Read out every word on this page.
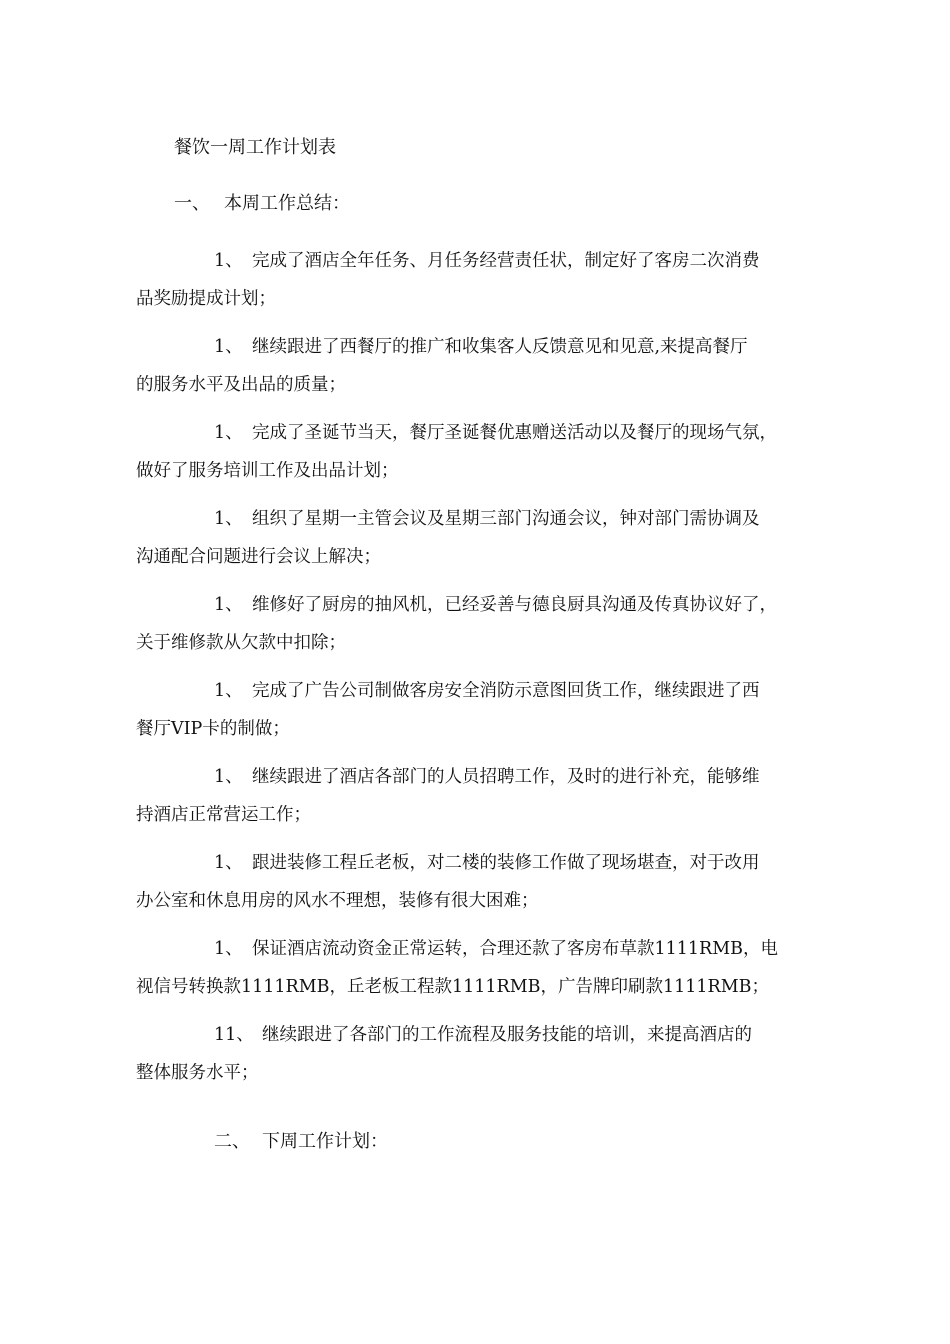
餐饮一周工作计划表
一、 本周工作总结：
1、 完成了酒店全年任务、月任务经营责任状，制定好了客房二次消费
品奖励提成计划；
1、 继续跟进了西餐厅的推广和收集客人反馈意见和见意,来提高餐厅
的服务水平及出品的质量；
1、 完成了圣诞节当天，餐厅圣诞餐优惠赠送活动以及餐厅的现场气氛，
做好了服务培训工作及出品计划；
1、 组织了星期一主管会议及星期三部门沟通会议，钟对部门需协调及
沟通配合问题进行会议上解决；
1、 维修好了厨房的抽风机，已经妥善与德良厨具沟通及传真协议好了，
关于维修款从欠款中扣除；
1、 完成了广告公司制做客房安全消防示意图回货工作，继续跟进了西
餐厅VIP卡的制做；
1、 继续跟进了酒店各部门的人员招聘工作，及时的进行补充，能够维
持酒店正常营运工作；
1、 跟进装修工程丘老板，对二楼的装修工作做了现场堪查，对于改用
办公室和休息用房的风水不理想，装修有很大困难；
1、 保证酒店流动资金正常运转，合理还款了客房布草款1111RMB，电
视信号转换款1111RMB，丘老板工程款1111RMB，广告牌印刷款1111RMB；
11、 继续跟进了各部门的工作流程及服务技能的培训，来提高酒店的
整体服务水平；
二、 下周工作计划：
